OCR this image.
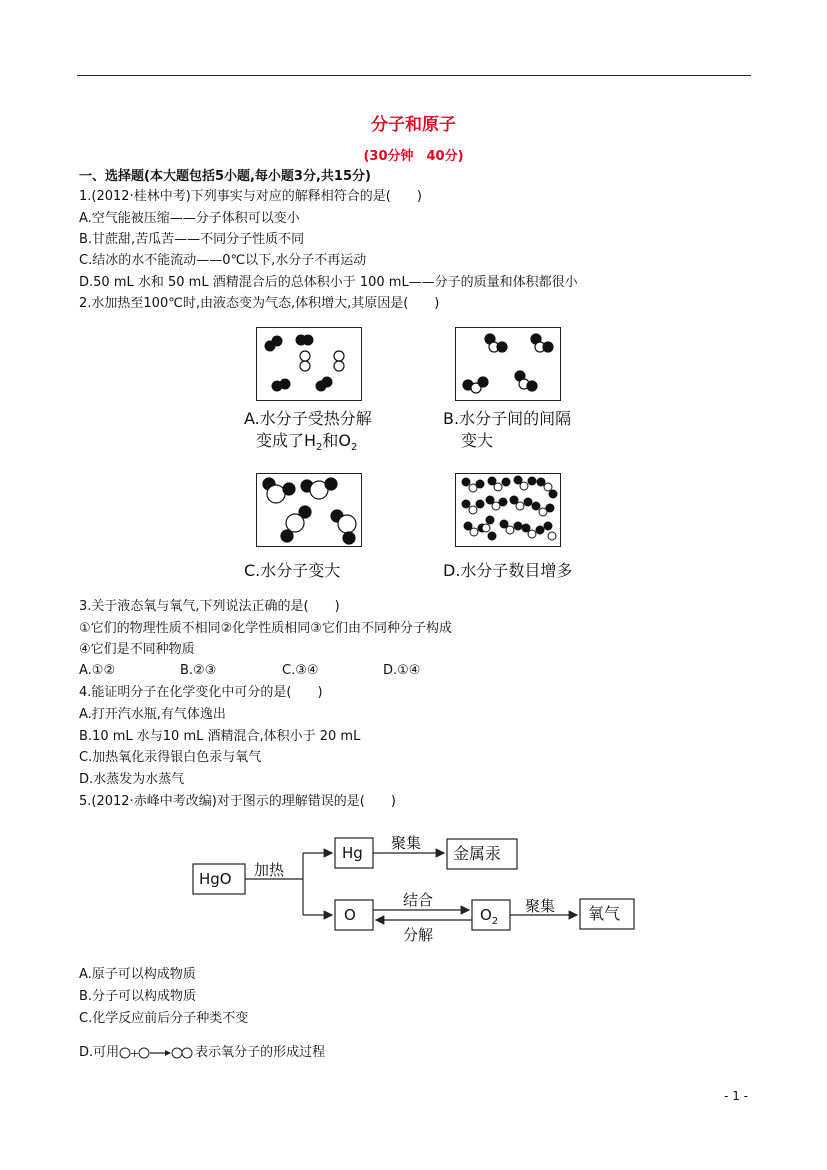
分子和原子
(30分钟　40分)
一、选择题(本大题包括5小题,每小题3分,共15分)
1.(2012·桂林中考)下列事实与对应的解释相符合的是(　　)
A.空气能被压缩——分子体积可以变小
B.甘蔗甜,苦瓜苦——不同分子性质不同
C.结冰的水不能流动——0℃以下,水分子不再运动
D.50 mL 水和 50 mL 酒精混合后的总体积小于 100 mL——分子的质量和体积都很小
2.水加热至100℃时,由液态变为气态,体积增大,其原因是(　　)
A.水分子受热分解
变成了$H_2$和$O_2$
B.水分子间的间隔
变大
C.水分子变大	D.水分子数目增多
3.关于液态氧与氧气,下列说法正确的是(　　)
①它们的物理性质不相同②化学性质相同③它们由不同种分子构成
④它们是不同种物质
A.①②	B.②③	C.③④	D.①④
4.能证明分子在化学变化中可分的是(　　)
A.打开汽水瓶,有气体逸出
B.10 mL 水与10 mL 酒精混合,体积小于 20 mL
C.加热氧化汞得银白色汞与氧气
D.水蒸发为水蒸气
5.(2012·赤峰中考改编)对于图示的理解错误的是(　　)
HgO 加热
Hg
聚集
金属汞
O
结合
分解
$O_2$
聚集 氧气
A.原子可以构成物质
B.分子可以构成物质
C.化学反应前后分子种类不变
D.可用 +	表示氧分子的形成过程
- 1 -
